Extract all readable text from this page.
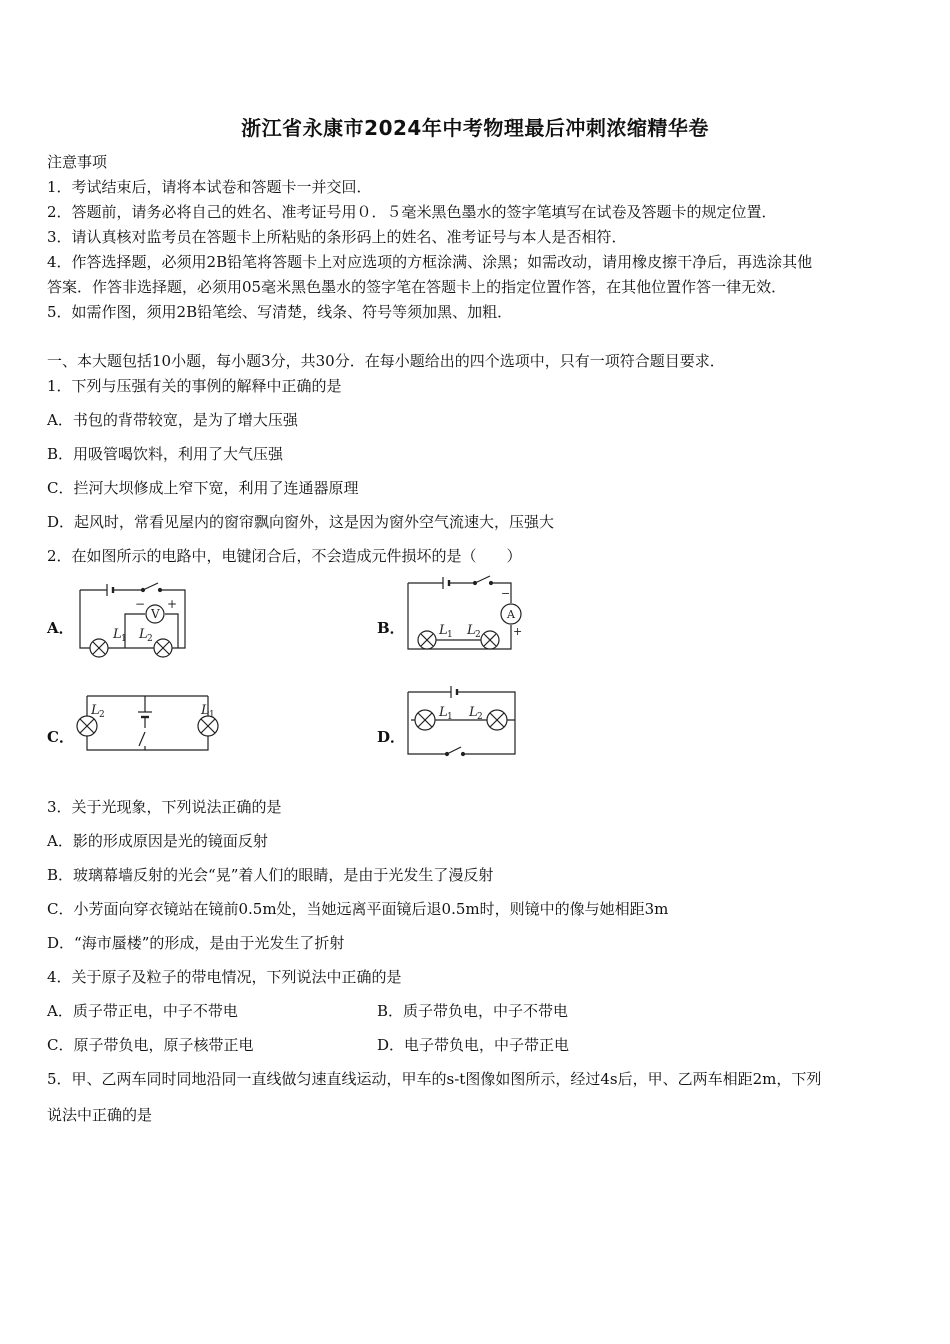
浙江省永康市2024年中考物理最后冲刺浓缩精华卷
注意事项
1．考试结束后，请将本试卷和答题卡一并交回．
2．答题前，请务必将自己的姓名、准考证号用０．５毫米黑色墨水的签字笔填写在试卷及答题卡的规定位置．
3．请认真核对监考员在答题卡上所粘贴的条形码上的姓名、准考证号与本人是否相符．
4．作答选择题，必须用2B铅笔将答题卡上对应选项的方框涂满、涂黑；如需改动，请用橡皮擦干净后，再选涂其他
答案．作答非选择题，必须用05毫米黑色墨水的签字笔在答题卡上的指定位置作答，在其他位置作答一律无效．
5．如需作图，须用2B铅笔绘、写清楚，线条、符号等须加黑、加粗．
一、本大题包括10小题，每小题3分，共30分．在每小题给出的四个选项中，只有一项符合题目要求．
1．下列与压强有关的事例的解释中正确的是
A．书包的背带较宽，是为了增大压强
B．用吸管喝饮料，利用了大气压强
C．拦河大坝修成上窄下宽，利用了连通器原理
D．起风时，常看见屋内的窗帘飘向窗外，这是因为窗外空气流速大，压强大
2．在如图所示的电路中，电键闭合后，不会造成元件损坏的是（　　）
A．
V
− +
L 1 L 2
B．
A
−
+
L 1 L 2
C．
L 2	L 1
D．
L 1 L 2
3．关于光现象，下列说法正确的是
A．影的形成原因是光的镜面反射
B．玻璃幕墙反射的光会“晃”着人们的眼睛，是由于光发生了漫反射
C．小芳面向穿衣镜站在镜前0.5m处，当她远离平面镜后退0.5m时，则镜中的像与她相距3m
D．“海市蜃楼”的形成，是由于光发生了折射
4．关于原子及粒子的带电情况，下列说法中正确的是
A．质子带正电，中子不带电	B．质子带负电，中子不带电
C．原子带负电，原子核带正电	D．电子带负电，中子带正电
5．甲、乙两车同时同地沿同一直线做匀速直线运动，甲车的s-t图像如图所示，经过4s后，甲、乙两车相距2m，下列
说法中正确的是
